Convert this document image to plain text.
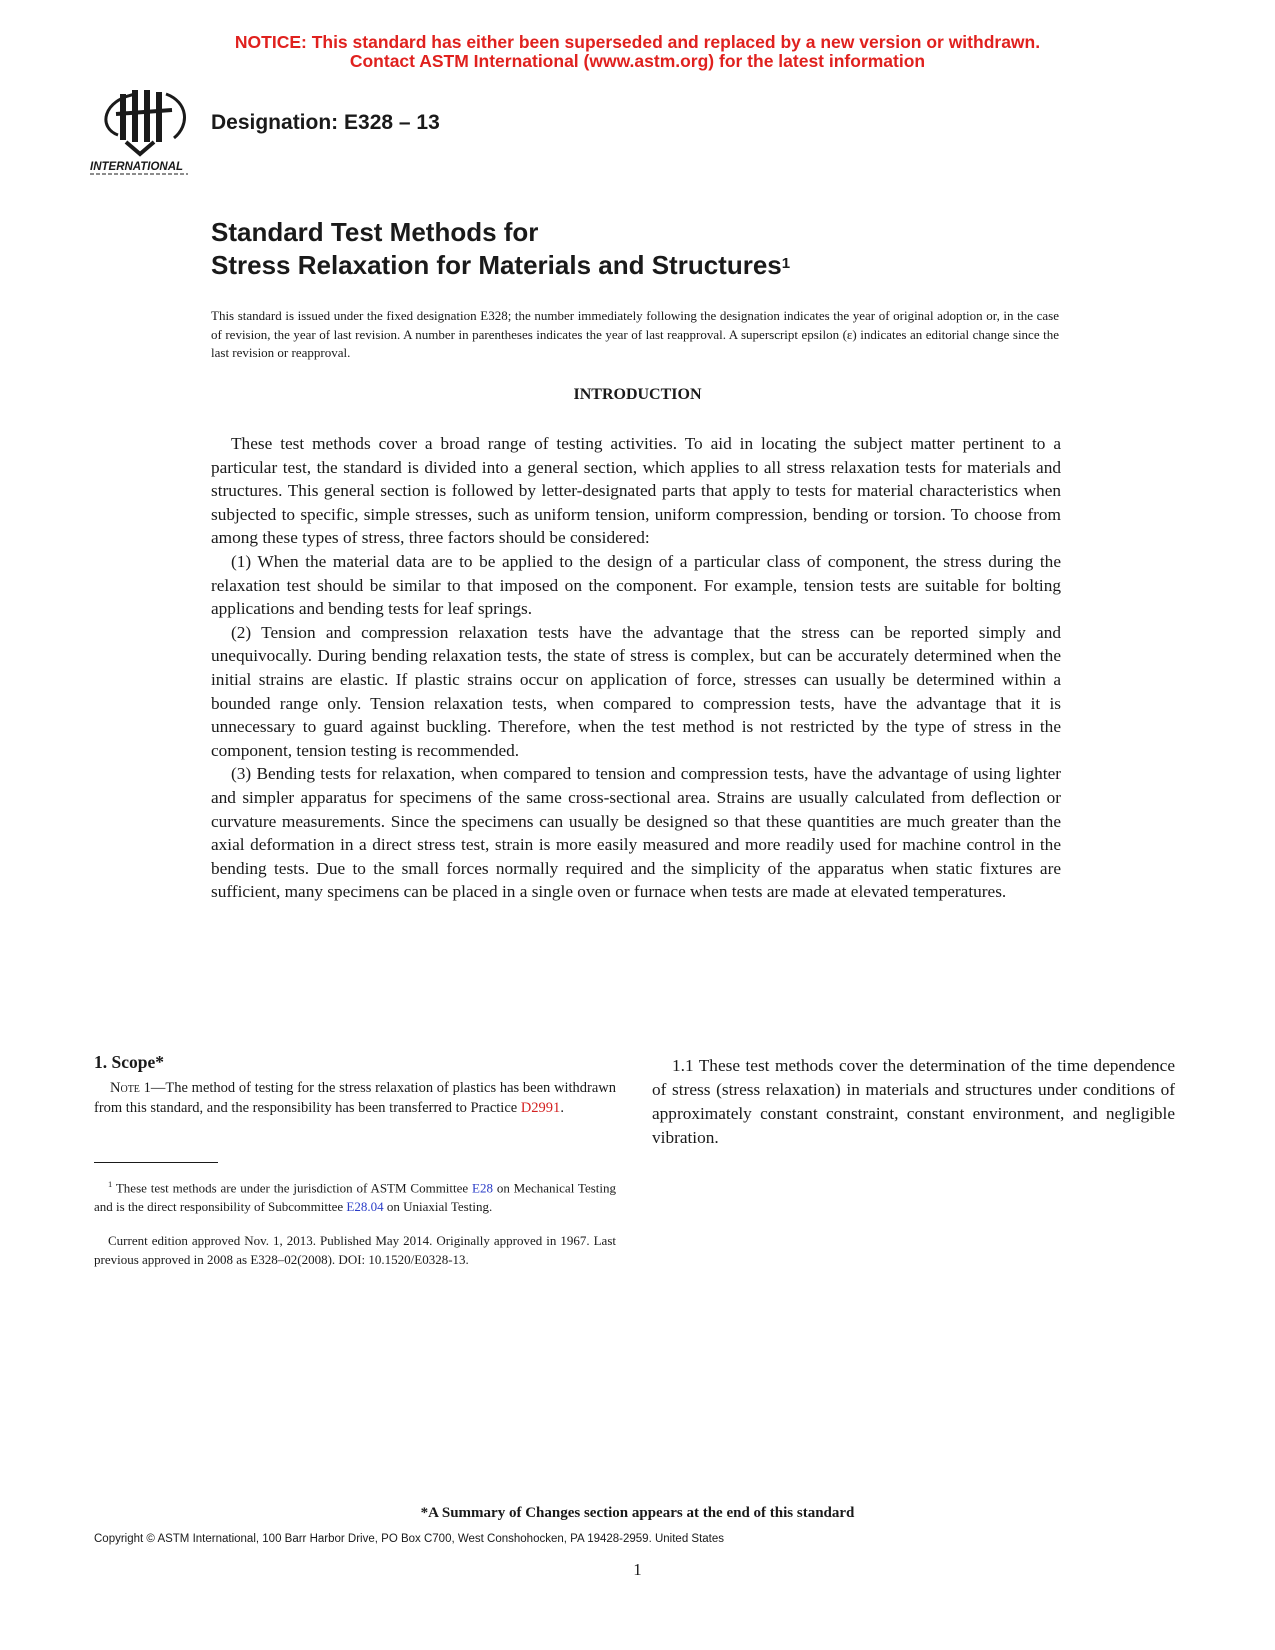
NOTICE: This standard has either been superseded and replaced by a new version or withdrawn.
Contact ASTM International (www.astm.org) for the latest information
INTERNATIONAL
Designation: E328 – 13
Standard Test Methods for
Stress Relaxation for Materials and Structures$^1$
This standard is issued under the fixed designation E328; the number immediately following the designation indicates the year of original adoption or, in the case of revision, the year of last revision. A number in parentheses indicates the year of last reapproval. A superscript epsilon (ε) indicates an editorial change since the last revision or reapproval.
INTRODUCTION

These test methods cover a broad range of testing activities. To aid in locating the subject matter pertinent to a particular test, the standard is divided into a general section, which applies to all stress relaxation tests for materials and structures. This general section is followed by letter-designated parts that apply to tests for material characteristics when subjected to specific, simple stresses, such as uniform tension, uniform compression, bending or torsion. To choose from among these types of stress, three factors should be considered:

(1) When the material data are to be applied to the design of a particular class of component, the stress during the relaxation test should be similar to that imposed on the component. For example, tension tests are suitable for bolting applications and bending tests for leaf springs.

(2) Tension and compression relaxation tests have the advantage that the stress can be reported simply and unequivocally. During bending relaxation tests, the state of stress is complex, but can be accurately determined when the initial strains are elastic. If plastic strains occur on application of force, stresses can usually be determined within a bounded range only. Tension relaxation tests, when compared to compression tests, have the advantage that it is unnecessary to guard against buckling. Therefore, when the test method is not restricted by the type of stress in the component, tension testing is recommended.

(3) Bending tests for relaxation, when compared to tension and compression tests, have the advantage of using lighter and simpler apparatus for specimens of the same cross-sectional area. Strains are usually calculated from deflection or curvature measurements. Since the specimens can usually be designed so that these quantities are much greater than the axial deformation in a direct stress test, strain is more easily measured and more readily used for machine control in the bending tests. Due to the small forces normally required and the simplicity of the apparatus when static fixtures are sufficient, many specimens can be placed in a single oven or furnace when tests are made at elevated temperatures.

1. Scope*
Note 1—The method of testing for the stress relaxation of plastics has been withdrawn from this standard, and the responsibility has been transferred to Practice D2991.
$^1$ These test methods are under the jurisdiction of ASTM Committee E28 on Mechanical Testing and is the direct responsibility of Subcommittee E28.04 on Uniaxial Testing.
Current edition approved Nov. 1, 2013. Published May 2014. Originally approved in 1967. Last previous approved in 2008 as E328–02(2008). DOI: 10.1520/E0328-13.
1.1 These test methods cover the determination of the time dependence of stress (stress relaxation) in materials and structures under conditions of approximately constant constraint, constant environment, and negligible vibration.
*A Summary of Changes section appears at the end of this standard
Copyright © ASTM International, 100 Barr Harbor Drive, PO Box C700, West Conshohocken, PA 19428-2959. United States
1
